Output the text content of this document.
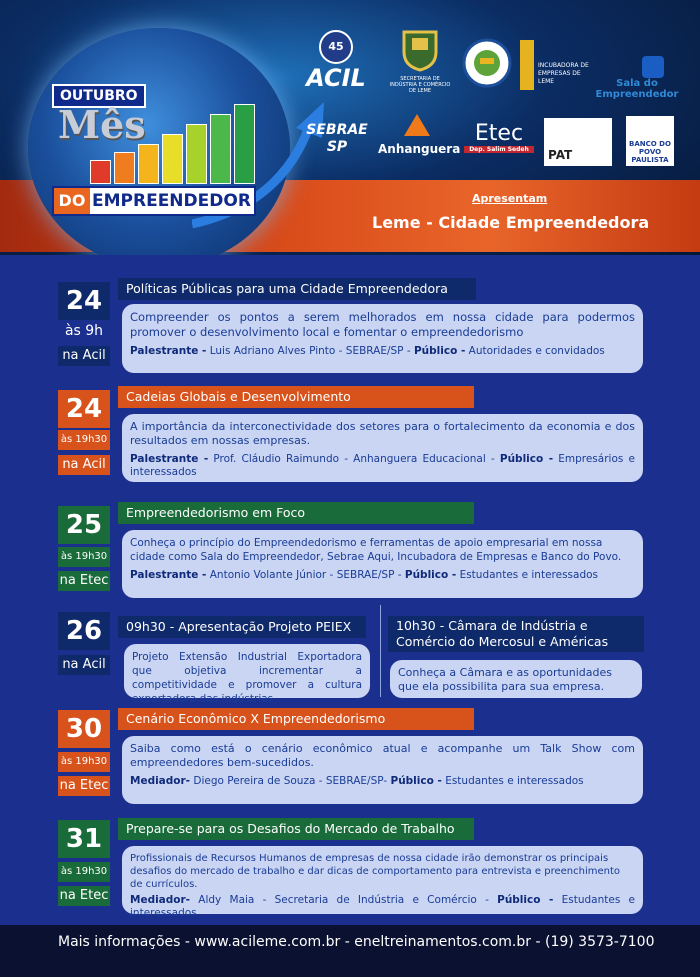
OUTUBRO
Mês
DO EMPREENDEDOR
45
ACIL	SECRETARIA DE INDÚSTRIA E COMÉRCIO DE LEME
INCUBADORA DE EMPRESAS DE LEME	Sala do Empreendedor
SEBRAE SP	Anhanguera
Etec
Dep. Salim Sedeh	PAT
BANCO DO POVO PAULISTA
Apresentam
Leme - Cidade Empreendedora
24
às 9h
na Acil
Políticas Públicas para uma Cidade Empreendedora

Compreender os pontos a serem melhorados em nossa cidade para podermos promover o desenvolvimento local e fomentar o empreendedorismo

Palestrante - Luis Adriano Alves Pinto - SEBRAE/SP - Público - Autoridades e convidados

24
às 19h30
na Acil
Cadeias Globais e Desenvolvimento

A importância da interconectividade dos setores para o fortalecimento da economia e dos resultados em nossas empresas.

Palestrante - Prof. Cláudio Raimundo - Anhanguera Educacional - Público - Empresários e interessados

25
às 19h30
na Etec
Empreendedorismo em Foco

Conheça o princípio do Empreendedorismo e ferramentas de apoio empresarial em nossa cidade como Sala do Empreendedor, Sebrae Aqui, Incubadora de Empresas e Banco do Povo.

Palestrante - Antonio Volante Júnior - SEBRAE/SP - Público - Estudantes e interessados

26
na Acil
09h30 - Apresentação Projeto PEIEX

Projeto Extensão Industrial Exportadora que objetiva incrementar a competitividade e promover a cultura exportadora das indústrias

10h30 - Câmara de Indústria e Comércio do Mercosul e Américas

Conheça a Câmara e as oportunidades que ela possibilita para sua empresa.

30
às 19h30
na Etec
Cenário Econômico X Empreendedorismo

Saiba como está o cenário econômico atual e acompanhe um Talk Show com empreendedores bem-sucedidos.

Mediador- Diego Pereira de Souza - SEBRAE/SP- Público - Estudantes e interessados

31
às 19h30
na Etec
Prepare-se para os Desafios do Mercado de Trabalho

Profissionais de Recursos Humanos de empresas de nossa cidade irão demonstrar os principais desafios do mercado de trabalho e dar dicas de comportamento para entrevista e preenchimento de currículos.

Mediador- Aldy Maia - Secretaria de Indústria e Comércio - Público - Estudantes e interessados

Mais informações - www.acileme.com.br - eneltreinamentos.com.br - (19) 3573-7100
